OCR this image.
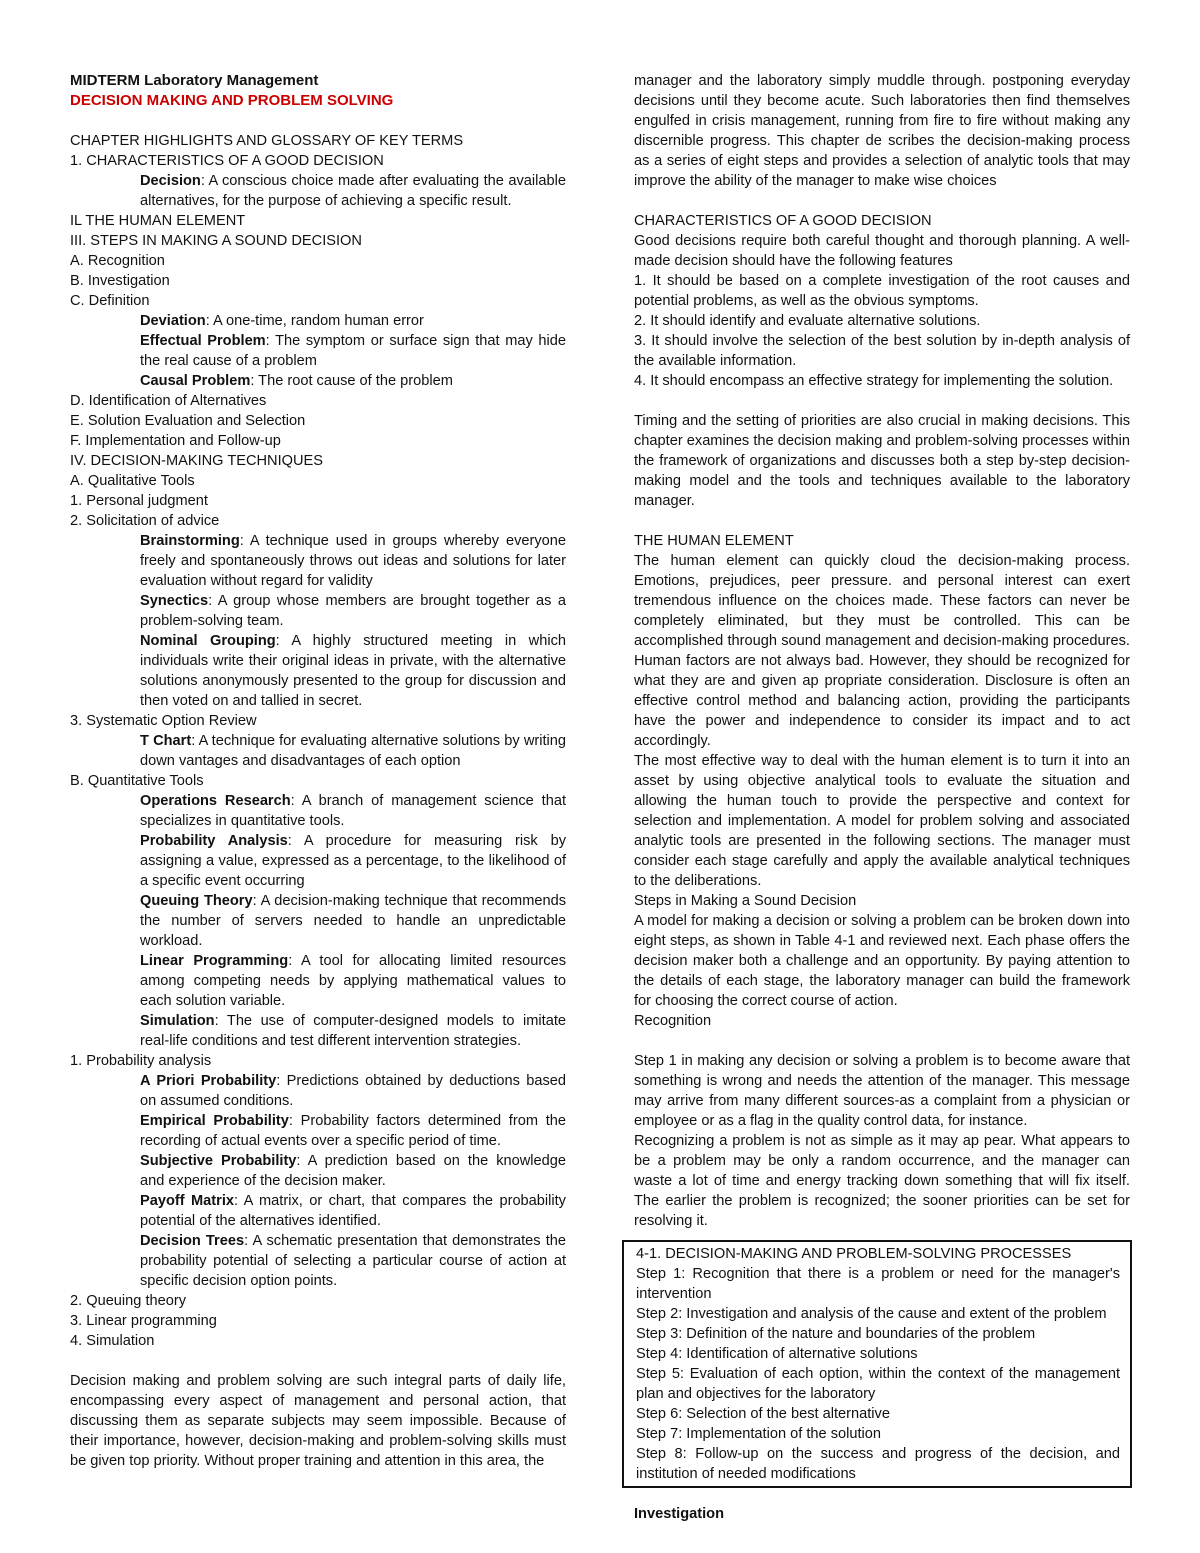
MIDTERM Laboratory Management

DECISION MAKING AND PROBLEM SOLVING

CHAPTER HIGHLIGHTS AND GLOSSARY OF KEY TERMS

1. CHARACTERISTICS OF A GOOD DECISION

Decision: A conscious choice made after evaluating the available alternatives, for the purpose of achieving a specific result.

IL THE HUMAN ELEMENT

III. STEPS IN MAKING A SOUND DECISION

A. Recognition

B. Investigation

C. Definition

Deviation: A one-time, random human error

Effectual Problem: The symptom or surface sign that may hide the real cause of a problem

Causal Problem: The root cause of the problem

D. Identification of Alternatives

E. Solution Evaluation and Selection

F. Implementation and Follow-up

IV. DECISION-MAKING TECHNIQUES

A. Qualitative Tools

1. Personal judgment

2. Solicitation of advice

Brainstorming: A technique used in groups whereby everyone freely and spontaneously throws out ideas and solutions for later evaluation without regard for validity

Synectics: A group whose members are brought together as a problem-solving team.

Nominal Grouping: A highly structured meeting in which individuals write their original ideas in private, with the alternative solutions anonymously presented to the group for discussion and then voted on and tallied in secret.

3. Systematic Option Review

T Chart: A technique for evaluating alternative solutions by writing down vantages and disadvantages of each option

B. Quantitative Tools

Operations Research: A branch of management science that specializes in quantitative tools.

Probability Analysis: A procedure for measuring risk by assigning a value, expressed as a percentage, to the likelihood of a specific event occurring

Queuing Theory: A decision-making technique that recommends the number of servers needed to handle an unpredictable workload.

Linear Programming: A tool for allocating limited resources among competing needs by applying mathematical values to each solution variable.

Simulation: The use of computer-designed models to imitate real-life conditions and test different intervention strategies.

1. Probability analysis

A Priori Probability: Predictions obtained by deductions based on assumed conditions.

Empirical Probability: Probability factors determined from the recording of actual events over a specific period of time.

Subjective Probability: A prediction based on the knowledge and experience of the decision maker.

Payoff Matrix: A matrix, or chart, that compares the probability potential of the alternatives identified.

Decision Trees: A schematic presentation that demonstrates the probability potential of selecting a particular course of action at specific decision option points.

2. Queuing theory

3. Linear programming

4. Simulation

Decision making and problem solving are such integral parts of daily life, encompassing every aspect of management and personal action, that discussing them as separate subjects may seem impossible. Because of their importance, however, decision-making and problem-solving skills must be given top priority. Without proper training and attention in this area, the

manager and the laboratory simply muddle through. postponing everyday decisions until they become acute. Such laboratories then find themselves engulfed in crisis management, running from fire to fire without making any discernible progress. This chapter de scribes the decision-making process as a series of eight steps and provides a selection of analytic tools that may improve the ability of the manager to make wise choices

CHARACTERISTICS OF A GOOD DECISION

Good decisions require both careful thought and thorough planning. A well-made decision should have the following features

1. It should be based on a complete investigation of the root causes and potential problems, as well as the obvious symptoms.

2. It should identify and evaluate alternative solutions.

3. It should involve the selection of the best solution by in-depth analysis of the available information.

4. It should encompass an effective strategy for implementing the solution.

Timing and the setting of priorities are also crucial in making decisions. This chapter examines the decision making and problem-solving processes within the framework of organizations and discusses both a step by-step decision-making model and the tools and techniques available to the laboratory manager.

THE HUMAN ELEMENT

The human element can quickly cloud the decision-making process. Emotions, prejudices, peer pressure. and personal interest can exert tremendous influence on the choices made. These factors can never be completely eliminated, but they must be controlled. This can be accomplished through sound management and decision-making procedures. Human factors are not always bad. However, they should be recognized for what they are and given ap propriate consideration. Disclosure is often an effective control method and balancing action, providing the participants have the power and independence to consider its impact and to act accordingly.

The most effective way to deal with the human element is to turn it into an asset by using objective analytical tools to evaluate the situation and allowing the human touch to provide the perspective and context for selection and implementation. A model for problem solving and associated analytic tools are presented in the following sections. The manager must consider each stage carefully and apply the available analytical techniques to the deliberations.

Steps in Making a Sound Decision

A model for making a decision or solving a problem can be broken down into eight steps, as shown in Table 4-1 and reviewed next. Each phase offers the decision maker both a challenge and an opportunity. By paying attention to the details of each stage, the laboratory manager can build the framework for choosing the correct course of action.

Recognition

Step 1 in making any decision or solving a problem is to become aware that something is wrong and needs the attention of the manager. This message may arrive from many different sources-as a complaint from a physician or employee or as a flag in the quality control data, for instance.

Recognizing a problem is not as simple as it may ap pear. What appears to be a problem may be only a random occurrence, and the manager can waste a lot of time and energy tracking down something that will fix itself. The earlier the problem is recognized; the sooner priorities can be set for resolving it.

4-1. DECISION-MAKING AND PROBLEM-SOLVING PROCESSES

Step 1: Recognition that there is a problem or need for the manager's intervention

Step 2: Investigation and analysis of the cause and extent of the problem

Step 3: Definition of the nature and boundaries of the problem

Step 4: Identification of alternative solutions

Step 5: Evaluation of each option, within the context of the management plan and objectives for the laboratory

Step 6: Selection of the best alternative

Step 7: Implementation of the solution

Step 8: Follow-up on the success and progress of the decision, and institution of needed modifications

Investigation
